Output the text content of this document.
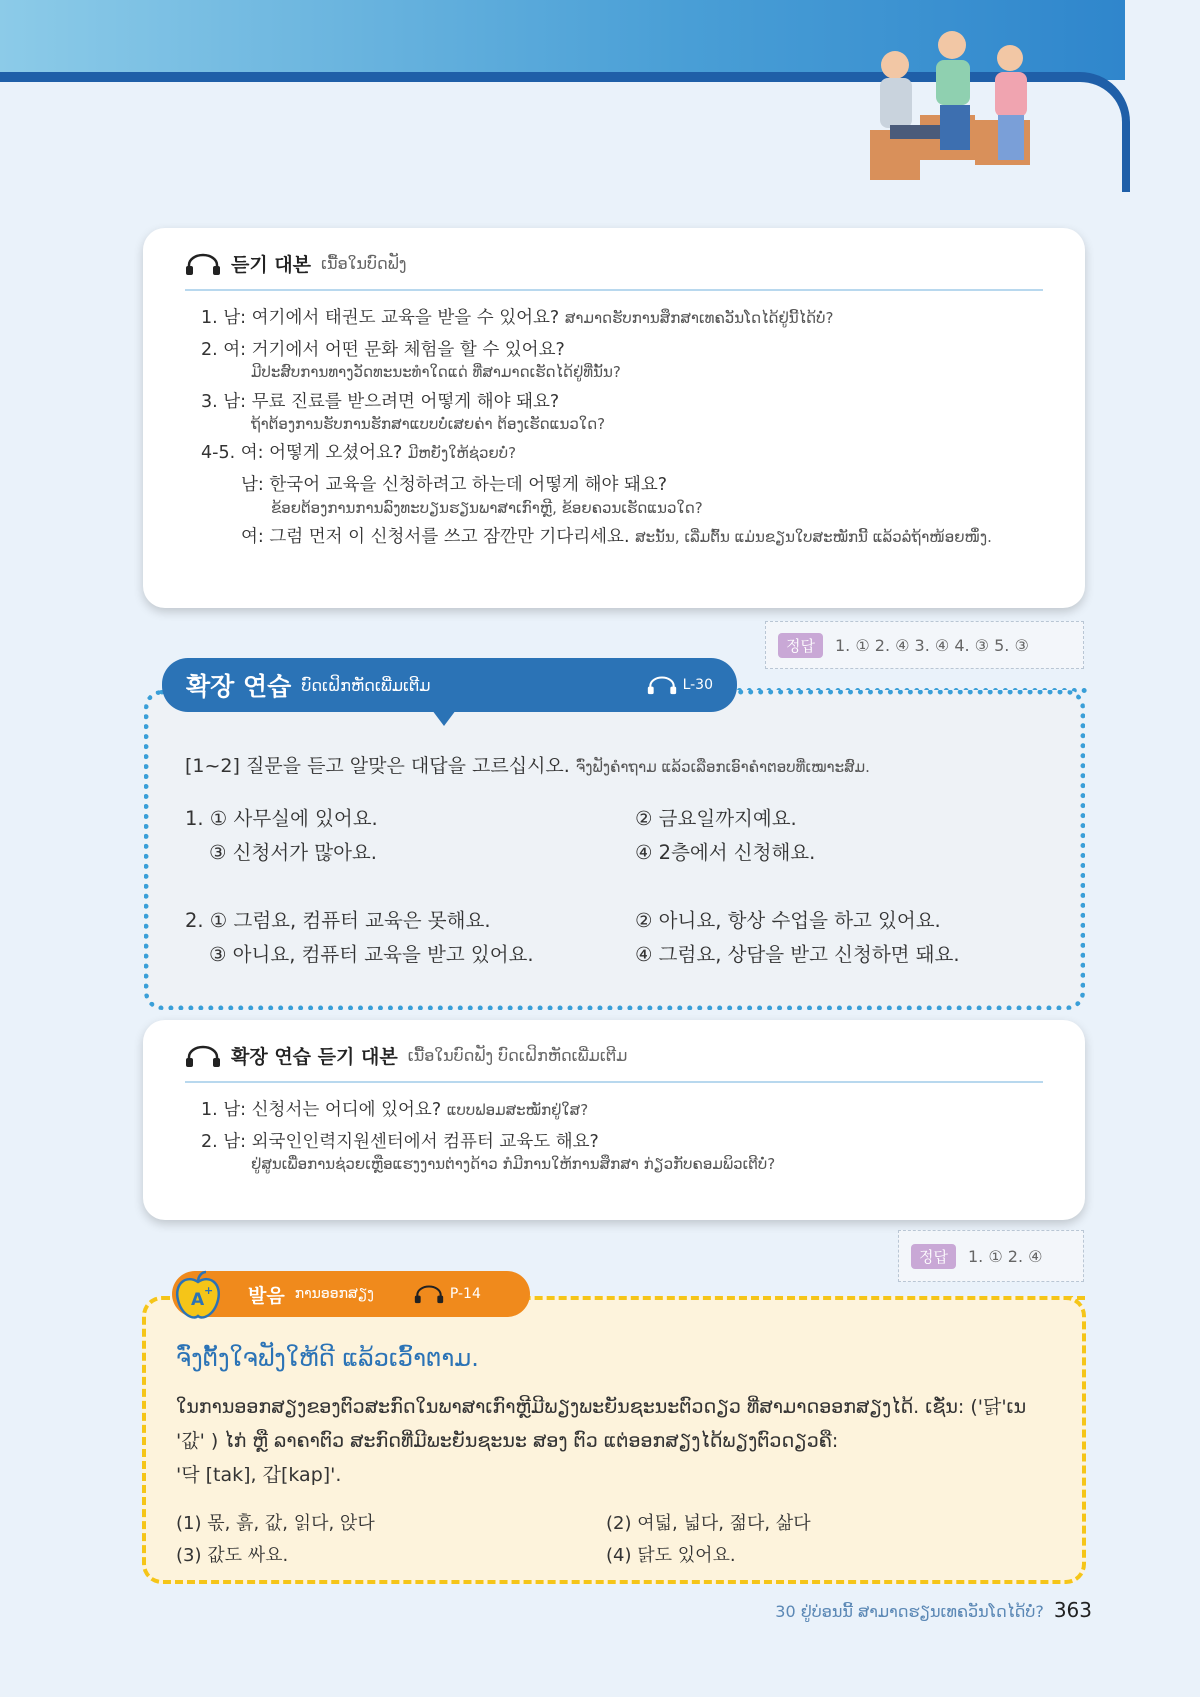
듣기 대본 ເນື້ອໃນບົດຟັງ
1. 남: 여기에서 태권도 교육을 받을 수 있어요? ສາມາດຮັບການສຶກສາເທຄວັນໂດໄດ້ຢູ່ນີ້ໄດ້ບໍ່?
2. 여: 거기에서 어떤 문화 체험을 할 수 있어요?
ມີປະສົບການທາງວັດທະນະທຳໃດແດ່ ທີ່ສາມາດເຮັດໄດ້ຢູ່ທີ່ນັ້ນ?
3. 남: 무료 진료를 받으려면 어떻게 해야 돼요?
ຖ້າຕ້ອງການຮັບການຮັກສາແບບບໍ່ເສຍຄ່າ ຕ້ອງເຮັດແນວໃດ?
4-5. 여: 어떻게 오셨어요? ມີຫຍັງໃຫ້ຊ່ວຍບໍ່?
남: 한국어 교육을 신청하려고 하는데 어떻게 해야 돼요?
ຂ້ອຍຕ້ອງການການລົງທະບຽນຮຽນພາສາເກົາຫຼີ, ຂ້ອຍຄວນເຮັດແນວໃດ?
여: 그럼 먼저 이 신청서를 쓰고 잠깐만 기다리세요. ສະນັ້ນ, ເລີ່ມຕົ້ນ ແມ່ນຂຽນໃບສະໝັກນີ້ ແລ້ວລໍຖ້າໜ້ອຍໜຶ່ງ.
정답	1. ① 2. ④ 3. ④ 4. ③ 5. ③
[1~2] 질문을 듣고 알맞은 대답을 고르십시오. ຈົ່ງຟັງຄຳຖາມ ແລ້ວເລືອກເອົາຄຳຕອບທີ່ເໝາະສົມ.
1. ① 사무실에 있어요.	② 금요일까지예요.
③ 신청서가 많아요.	④ 2층에서 신청해요.
2. ① 그럼요, 컴퓨터 교육은 못해요.	② 아니요, 항상 수업을 하고 있어요.
③ 아니요, 컴퓨터 교육을 받고 있어요.	④ 그럼요, 상담을 받고 신청하면 돼요.
확장 연습 ບົດເຝິກຫັດເພີ່ມເຕີມ	L-30
확장 연습 듣기 대본 ເນື້ອໃນບົດຟັງ ບົດເຝິກຫັດເພີ່ມເຕີມ
1. 남: 신청서는 어디에 있어요? ແບບຟອມສະໝັກຢູ່ໃສ?
2. 남: 외국인인력지원센터에서 컴퓨터 교육도 해요?
ຢູ່ສູນເພື່ອການຊ່ວຍເຫຼືອແຮງງານຕ່າງດ້າວ ກໍມີການໃຫ້ການສຶກສາ ກ່ຽວກັບຄອມພິວເຕີບໍ່?
정답	1. ① 2. ④
ຈົ່ງຕັ້ງໃຈຟັງໃຫ້ດີ ແລ້ວເວົ້າຕາມ.
ໃນການອອກສຽງຂອງຕົວສະກົດໃນພາສາເກົາຫຼີມີພຽງພະຍັນຊະນະຕົວດຽວ ທີ່ສາມາດອອກສຽງໄດ້. ເຊັ່ນ: ('닭'ເນ
'값' ) ໄກ່ ຫຼື ລາຄາຕົວ ສະກົດທີ່ມີພະຍັນຊະນະ ສອງ ຕົວ ແຕ່ອອກສຽງໄດ້ພຽງຕົວດຽວຄື:
'닥 [tak], 갑[kap]'.
(1) 몫, 흙, 값, 읽다, 앉다	(2) 여덟, 넓다, 젊다, 삶다
(3) 값도 싸요.	(4) 닭도 있어요.
발음 ການອອກສຽງ	P-14
A +
30 ຢູ່ບ່ອນນີ້ ສາມາດຮຽນເທຄວັນໂດໄດ້ບໍ່? 363
